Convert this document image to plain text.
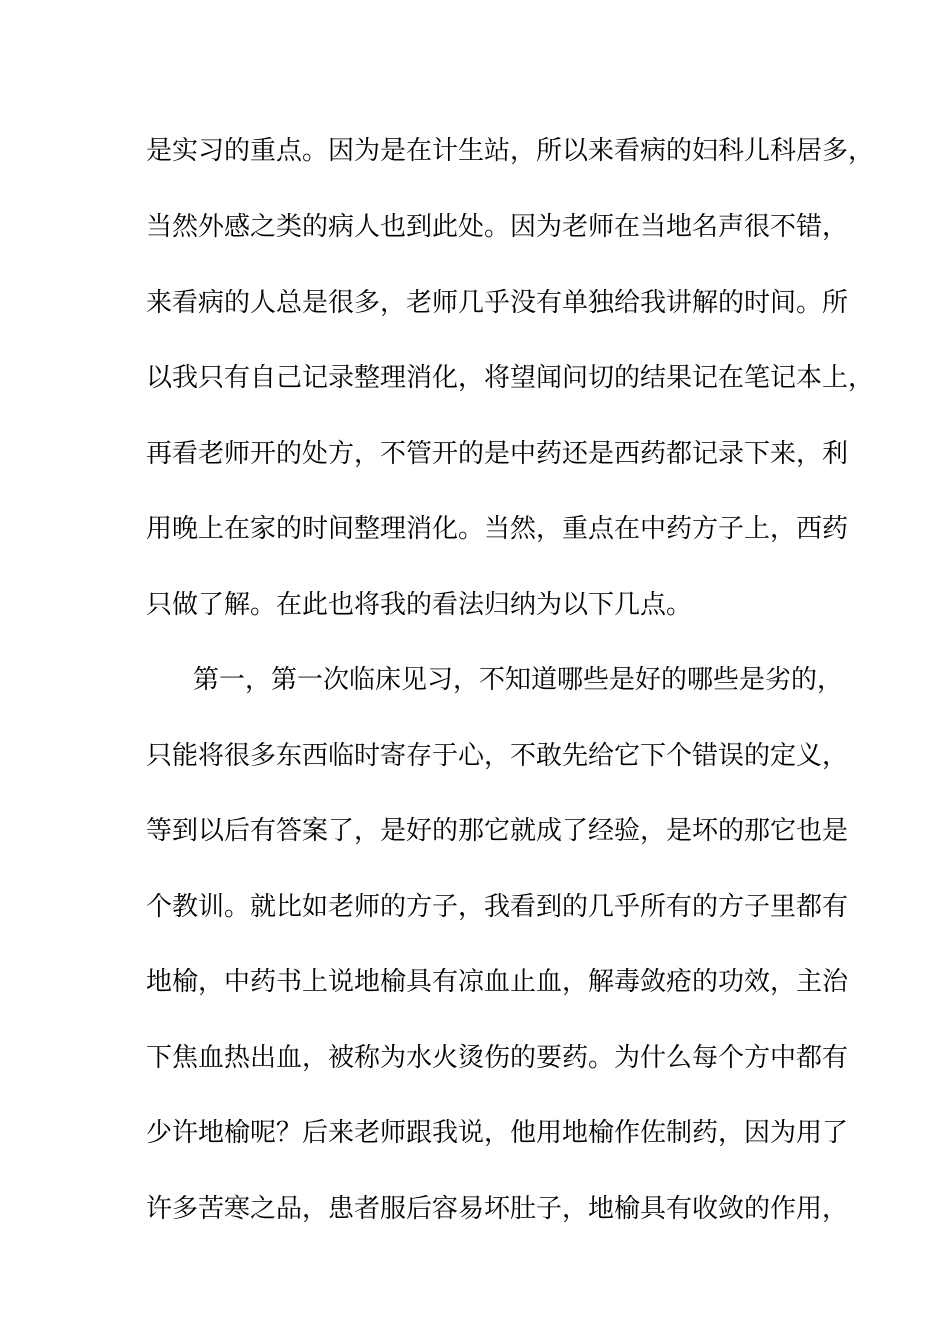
是实习的重点。因为是在计生站，所以来看病的妇科儿科居多，
当然外感之类的病人也到此处。因为老师在当地名声很不错，
来看病的人总是很多，老师几乎没有单独给我讲解的时间。所
以我只有自己记录整理消化，将望闻问切的结果记在笔记本上，
再看老师开的处方，不管开的是中药还是西药都记录下来，利
用晚上在家的时间整理消化。当然，重点在中药方子上，西药
只做了解。在此也将我的看法归纳为以下几点。
第一，第一次临床见习，不知道哪些是好的哪些是劣的，
只能将很多东西临时寄存于心，不敢先给它下个错误的定义，
等到以后有答案了，是好的那它就成了经验，是坏的那它也是
个教训。就比如老师的方子，我看到的几乎所有的方子里都有
地榆，中药书上说地榆具有凉血止血，解毒敛疮的功效，主治
下焦血热出血，被称为水火烫伤的要药。为什么每个方中都有
少许地榆呢？后来老师跟我说，他用地榆作佐制药，因为用了
许多苦寒之品，患者服后容易坏肚子，地榆具有收敛的作用，
